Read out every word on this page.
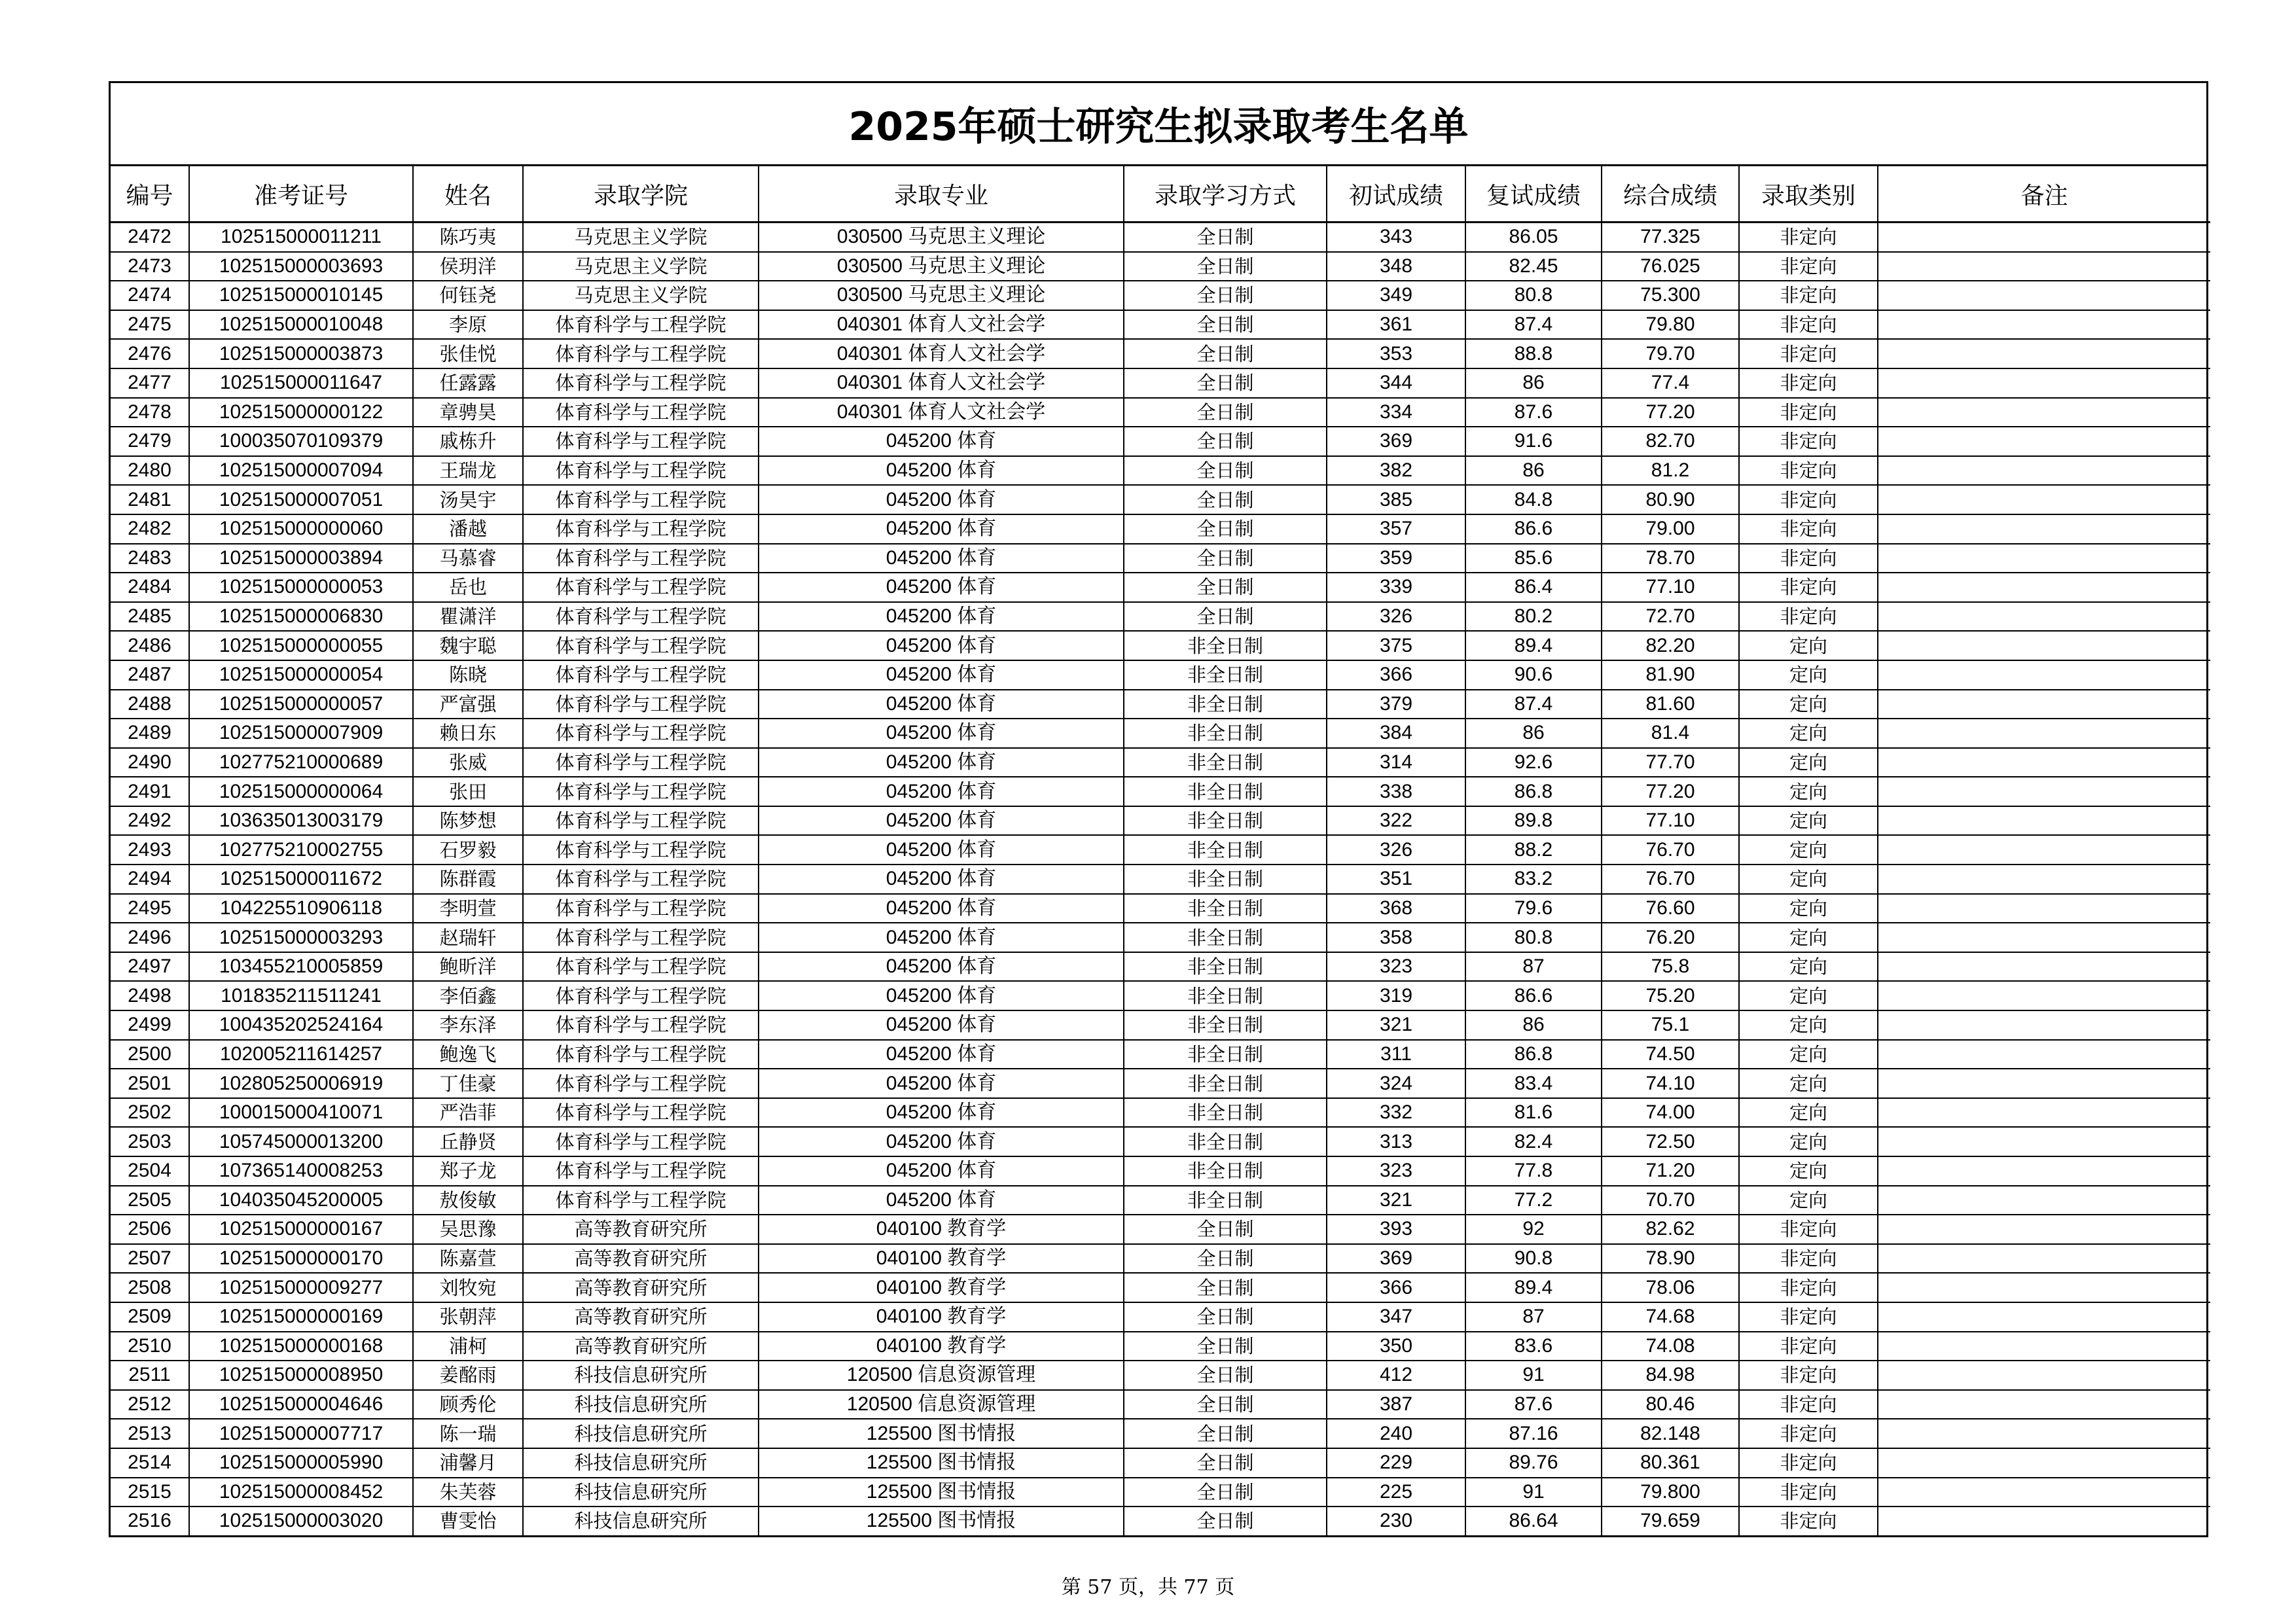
2025年硕士研究生拟录取考生名单
编号	准考证号	姓名	录取学院	录取专业	录取学习方式	初试成绩	复试成绩	综合成绩	录取类别	备注
2472	102515000011211	陈巧夷	马克思主义学院	030500 马克思主义理论	全日制	343	86.05	77.325	非定向	
2473	102515000003693	侯玥洋	马克思主义学院	030500 马克思主义理论	全日制	348	82.45	76.025	非定向	
2474	102515000010145	何钰尧	马克思主义学院	030500 马克思主义理论	全日制	349	80.8	75.300	非定向	
2475	102515000010048	李原	体育科学与工程学院	040301 体育人文社会学	全日制	361	87.4	79.80	非定向	
2476	102515000003873	张佳悦	体育科学与工程学院	040301 体育人文社会学	全日制	353	88.8	79.70	非定向	
2477	102515000011647	任露露	体育科学与工程学院	040301 体育人文社会学	全日制	344	86	77.4	非定向	
2478	102515000000122	章骋昊	体育科学与工程学院	040301 体育人文社会学	全日制	334	87.6	77.20	非定向	
2479	100035070109379	戚栋升	体育科学与工程学院	045200 体育	全日制	369	91.6	82.70	非定向	
2480	102515000007094	王瑞龙	体育科学与工程学院	045200 体育	全日制	382	86	81.2	非定向	
2481	102515000007051	汤昊宇	体育科学与工程学院	045200 体育	全日制	385	84.8	80.90	非定向	
2482	102515000000060	潘越	体育科学与工程学院	045200 体育	全日制	357	86.6	79.00	非定向	
2483	102515000003894	马慕睿	体育科学与工程学院	045200 体育	全日制	359	85.6	78.70	非定向	
2484	102515000000053	岳也	体育科学与工程学院	045200 体育	全日制	339	86.4	77.10	非定向	
2485	102515000006830	瞿潇洋	体育科学与工程学院	045200 体育	全日制	326	80.2	72.70	非定向	
2486	102515000000055	魏宇聪	体育科学与工程学院	045200 体育	非全日制	375	89.4	82.20	定向	
2487	102515000000054	陈晓	体育科学与工程学院	045200 体育	非全日制	366	90.6	81.90	定向	
2488	102515000000057	严富强	体育科学与工程学院	045200 体育	非全日制	379	87.4	81.60	定向	
2489	102515000007909	赖日东	体育科学与工程学院	045200 体育	非全日制	384	86	81.4	定向	
2490	102775210000689	张威	体育科学与工程学院	045200 体育	非全日制	314	92.6	77.70	定向	
2491	102515000000064	张田	体育科学与工程学院	045200 体育	非全日制	338	86.8	77.20	定向	
2492	103635013003179	陈梦想	体育科学与工程学院	045200 体育	非全日制	322	89.8	77.10	定向	
2493	102775210002755	石罗毅	体育科学与工程学院	045200 体育	非全日制	326	88.2	76.70	定向	
2494	102515000011672	陈群霞	体育科学与工程学院	045200 体育	非全日制	351	83.2	76.70	定向	
2495	104225510906118	李明萱	体育科学与工程学院	045200 体育	非全日制	368	79.6	76.60	定向	
2496	102515000003293	赵瑞轩	体育科学与工程学院	045200 体育	非全日制	358	80.8	76.20	定向	
2497	103455210005859	鲍昕洋	体育科学与工程学院	045200 体育	非全日制	323	87	75.8	定向	
2498	101835211511241	李佰鑫	体育科学与工程学院	045200 体育	非全日制	319	86.6	75.20	定向	
2499	100435202524164	李东泽	体育科学与工程学院	045200 体育	非全日制	321	86	75.1	定向	
2500	102005211614257	鲍逸飞	体育科学与工程学院	045200 体育	非全日制	311	86.8	74.50	定向	
2501	102805250006919	丁佳豪	体育科学与工程学院	045200 体育	非全日制	324	83.4	74.10	定向	
2502	100015000410071	严浩菲	体育科学与工程学院	045200 体育	非全日制	332	81.6	74.00	定向	
2503	105745000013200	丘静贤	体育科学与工程学院	045200 体育	非全日制	313	82.4	72.50	定向	
2504	107365140008253	郑子龙	体育科学与工程学院	045200 体育	非全日制	323	77.8	71.20	定向	
2505	104035045200005	敖俊敏	体育科学与工程学院	045200 体育	非全日制	321	77.2	70.70	定向	
2506	102515000000167	吴思豫	高等教育研究所	040100 教育学	全日制	393	92	82.62	非定向	
2507	102515000000170	陈嘉萱	高等教育研究所	040100 教育学	全日制	369	90.8	78.90	非定向	
2508	102515000009277	刘牧宛	高等教育研究所	040100 教育学	全日制	366	89.4	78.06	非定向	
2509	102515000000169	张朝萍	高等教育研究所	040100 教育学	全日制	347	87	74.68	非定向	
2510	102515000000168	浦柯	高等教育研究所	040100 教育学	全日制	350	83.6	74.08	非定向	
2511	102515000008950	姜酩雨	科技信息研究所	120500 信息资源管理	全日制	412	91	84.98	非定向	
2512	102515000004646	顾秀伦	科技信息研究所	120500 信息资源管理	全日制	387	87.6	80.46	非定向	
2513	102515000007717	陈一瑞	科技信息研究所	125500 图书情报	全日制	240	87.16	82.148	非定向	
2514	102515000005990	浦馨月	科技信息研究所	125500 图书情报	全日制	229	89.76	80.361	非定向	
2515	102515000008452	朱芙蓉	科技信息研究所	125500 图书情报	全日制	225	91	79.800	非定向	
2516	102515000003020	曹雯怡	科技信息研究所	125500 图书情报	全日制	230	86.64	79.659	非定向	
第 57 页，共 77 页
